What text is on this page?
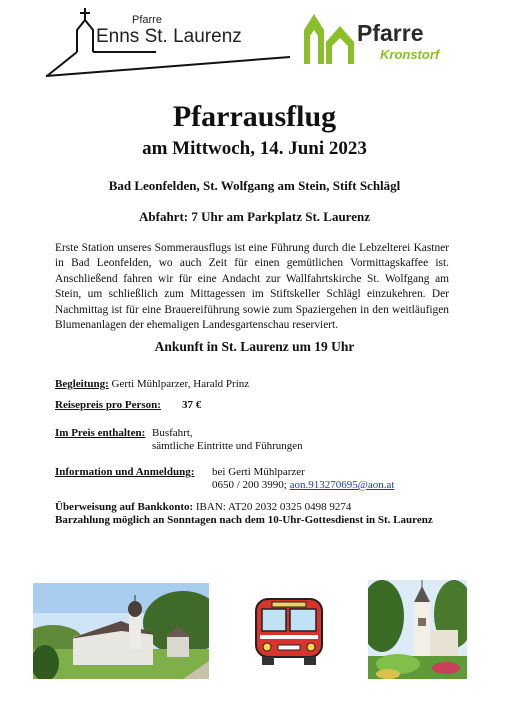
Pfarre
Enns St. Laurenz	Pfarre
Kronstorf
Pfarrausflug
am Mittwoch, 14. Juni 2023
Bad Leonfelden, St. Wolfgang am Stein, Stift Schlägl
Abfahrt: 7 Uhr am Parkplatz St. Laurenz
Erste Station unseres Sommerausflugs ist eine Führung durch die Lebzelterei Kastner in Bad Leonfelden, wo auch Zeit für einen gemütlichen Vormittagskaffee ist. Anschließend fahren wir für eine Andacht zur Wallfahrtskirche St. Wolfgang am Stein, um schließlich zum Mittagessen im Stiftskeller Schlägl einzukehren. Der Nachmittag ist für eine Brauereiführung sowie zum Spaziergehen in den weitläufigen Blumenanlagen der ehemaligen Landesgartenschau reserviert.
Ankunft in St. Laurenz um 19 Uhr
Begleitung: Gerti Mühlparzer, Harald Prinz
Reisepreis pro Person: 37 €
Im Preis enthalten: Busfahrt,
sämtliche Eintritte und Führungen
Information und Anmeldung: bei Gerti Mühlparzer
0650 / 200 3990; aon.913270695@aon.at
Überweisung auf Bankkonto: IBAN: AT20 2032 0325 0498 9274
Barzahlung möglich an Sonntagen nach dem 10-Uhr-Gottesdienst in St. Laurenz
